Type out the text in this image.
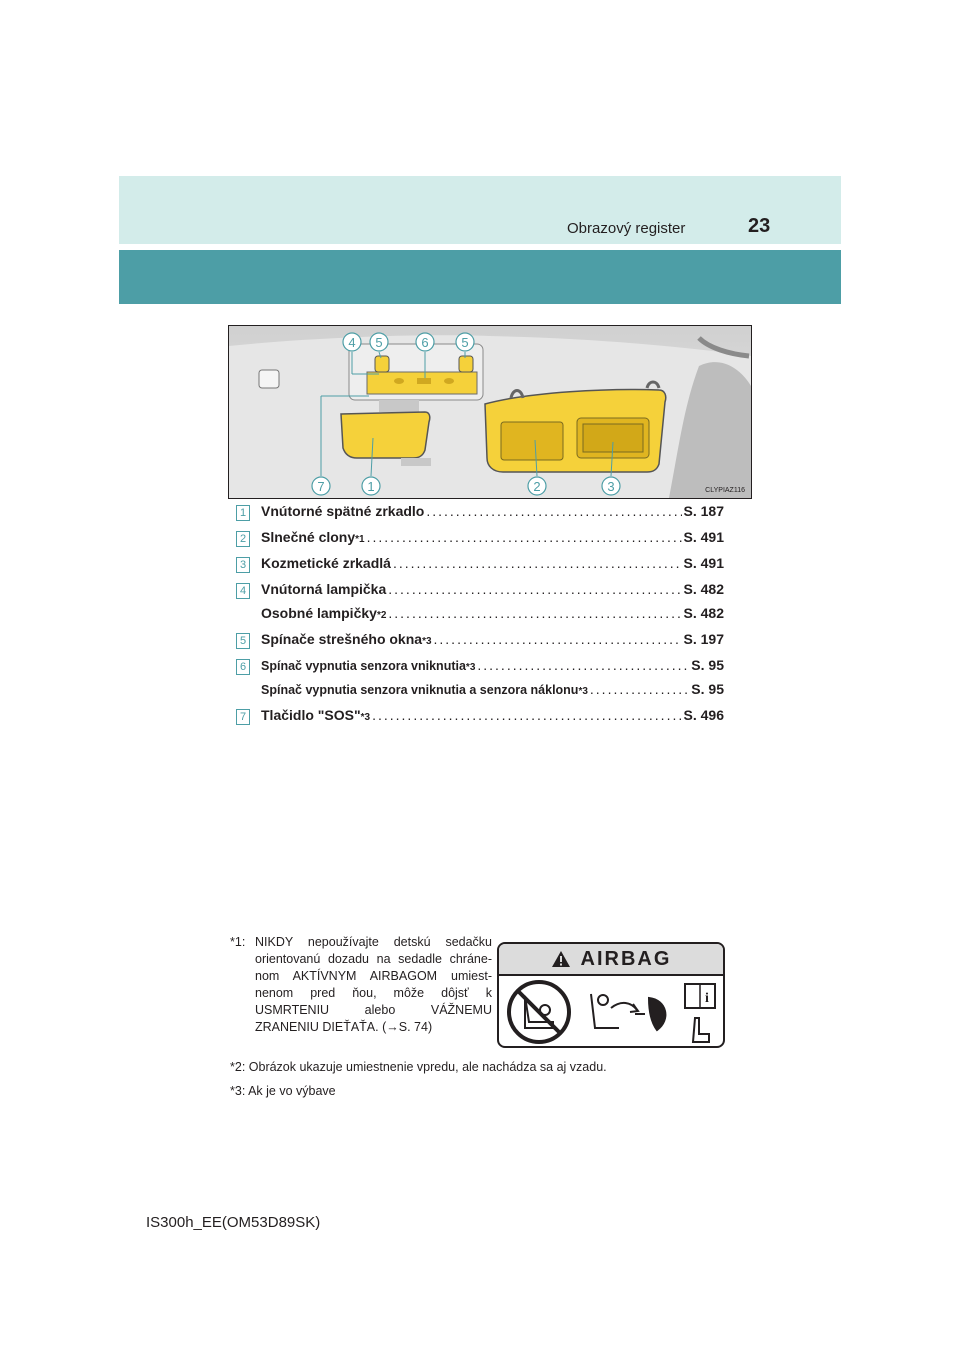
Obrazový register	23
4 5	6	5
7	1	2	3	CLYPIAZ116
1 Vnútorné spätné zrkadlo .....	S. 187
2 Slnečné clony *1 .....	S. 491
3 Kozmetické zrkadlá .....	S. 491
4 Vnútorná lampička .....	S. 482
Osobné lampičky *2 .....	S. 482
5 Spínače strešného okna *3 .....	S. 197
6	Spínač vypnutia senzora vniknutia *3 .....	S. 95
Spínač vypnutia senzora vniknutia a senzora náklonu *3 .....	S. 95
7 Tlačidlo "SOS" *3 .....	S. 496
*1: NIKDY nepoužívajte detskú sedačku orientovanú dozadu na sedadle chráne-nom AKTÍVNYM AIRBAGOM umiest-nenom pred ňou, môže dôjsť k USMRTENIU alebo VÁŽNEMU ZRANENIU DIEŤAŤA. (→S. 74)
*2: Obrázok ukazuje umiestnenie vpredu, ale nachádza sa aj vzadu.
*3: Ak je vo výbave
AIRBAG
i
IS300h_EE(OM53D89SK)
